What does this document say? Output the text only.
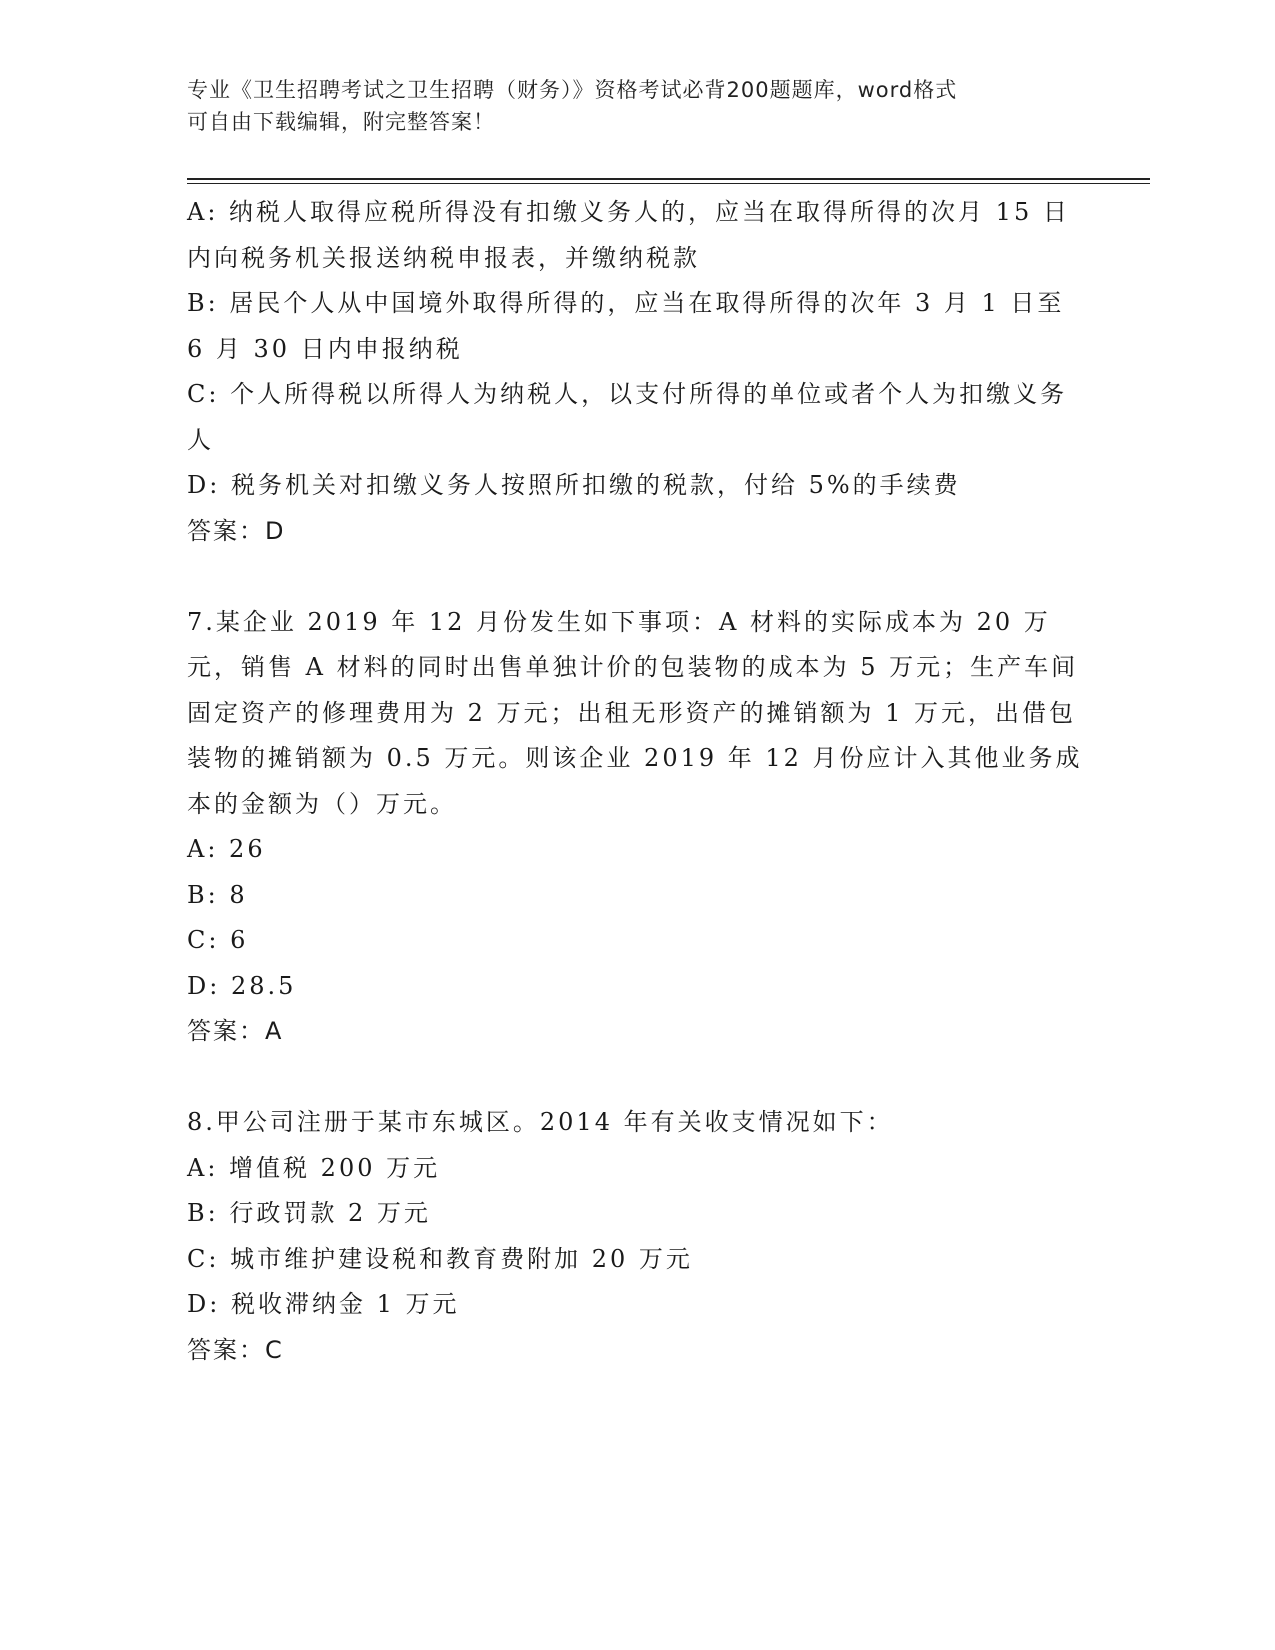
专业《卫生招聘考试之卫生招聘（财务）》资格考试必背200题题库，word格式
可自由下载编辑，附完整答案！

A: 纳税人取得应税所得没有扣缴义务人的，应当在取得所得的次月 15 日内向税务机关报送纳税申报表，并缴纳税款

B: 居民个人从中国境外取得所得的，应当在取得所得的次年 3 月 1 日至 6 月 30 日内申报纳税

C: 个人所得税以所得人为纳税人，以支付所得的单位或者个人为扣缴义务人

D: 税务机关对扣缴义务人按照所扣缴的税款，付给 5%的手续费

答案：D

7.某企业 2019 年 12 月份发生如下事项：A 材料的实际成本为 20 万元，销售 A 材料的同时出售单独计价的包装物的成本为 5 万元；生产车间固定资产的修理费用为 2 万元；出租无形资产的摊销额为 1 万元，出借包装物的摊销额为 0.5 万元。则该企业 2019 年 12 月份应计入其他业务成本的金额为（）万元。

A: 26

B: 8

C: 6

D: 28.5

答案：A

8.甲公司注册于某市东城区。2014 年有关收支情况如下：

A: 增值税 200 万元

B: 行政罚款 2 万元

C: 城市维护建设税和教育费附加 20 万元

D: 税收滞纳金 1 万元

答案：C
